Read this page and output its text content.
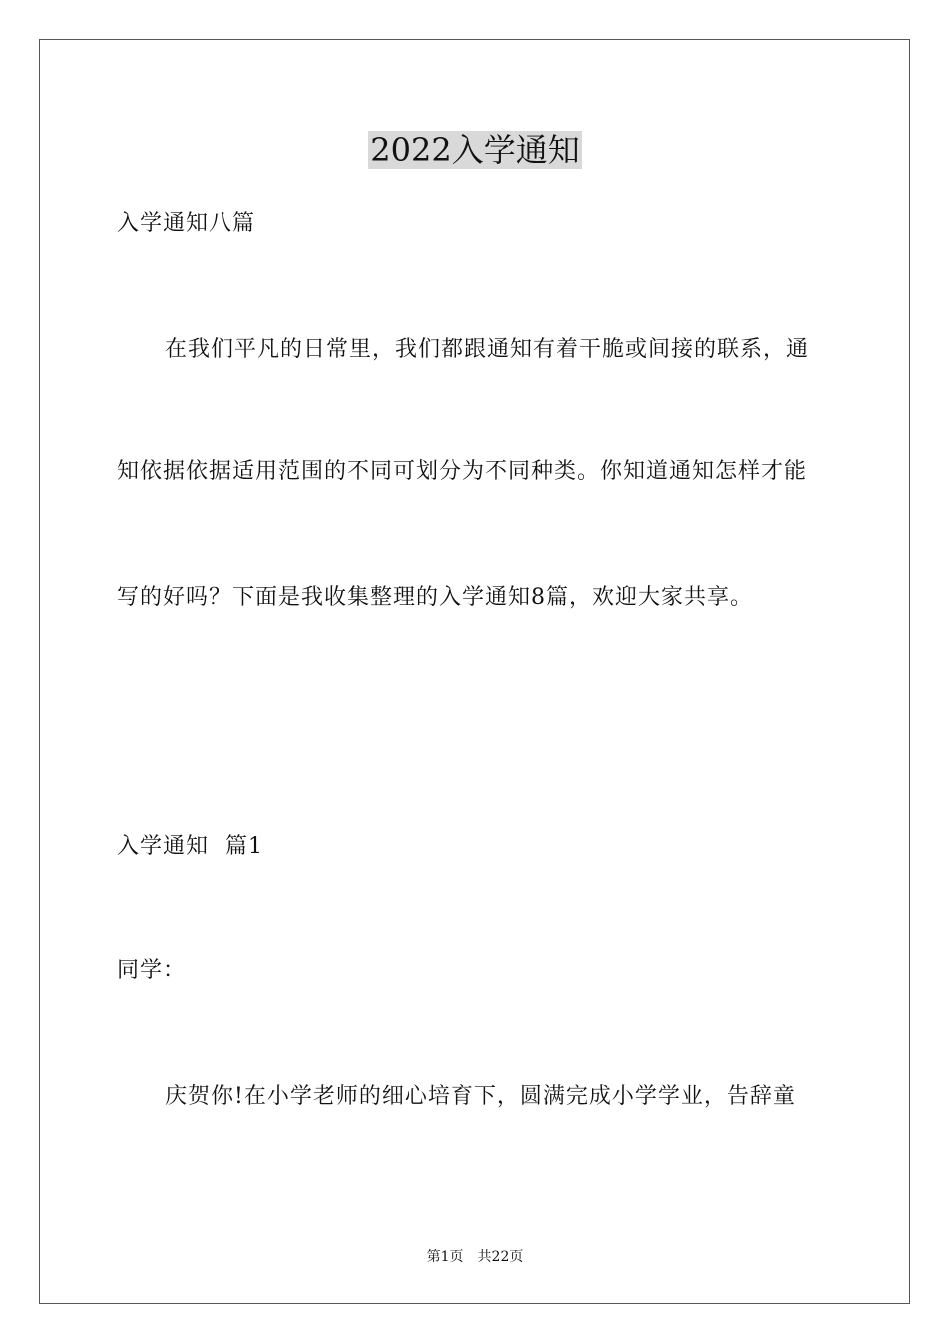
2022入学通知
入学通知八篇
在我们平凡的日常里，我们都跟通知有着干脆或间接的联系，通
知依据依据适用范围的不同可划分为不同种类。你知道通知怎样才能
写的好吗？下面是我收集整理的入学通知8篇，欢迎大家共享。
入学通知  篇1
同学：
庆贺你!在小学老师的细心培育下，圆满完成小学学业，告辞童
第1页 共22页
